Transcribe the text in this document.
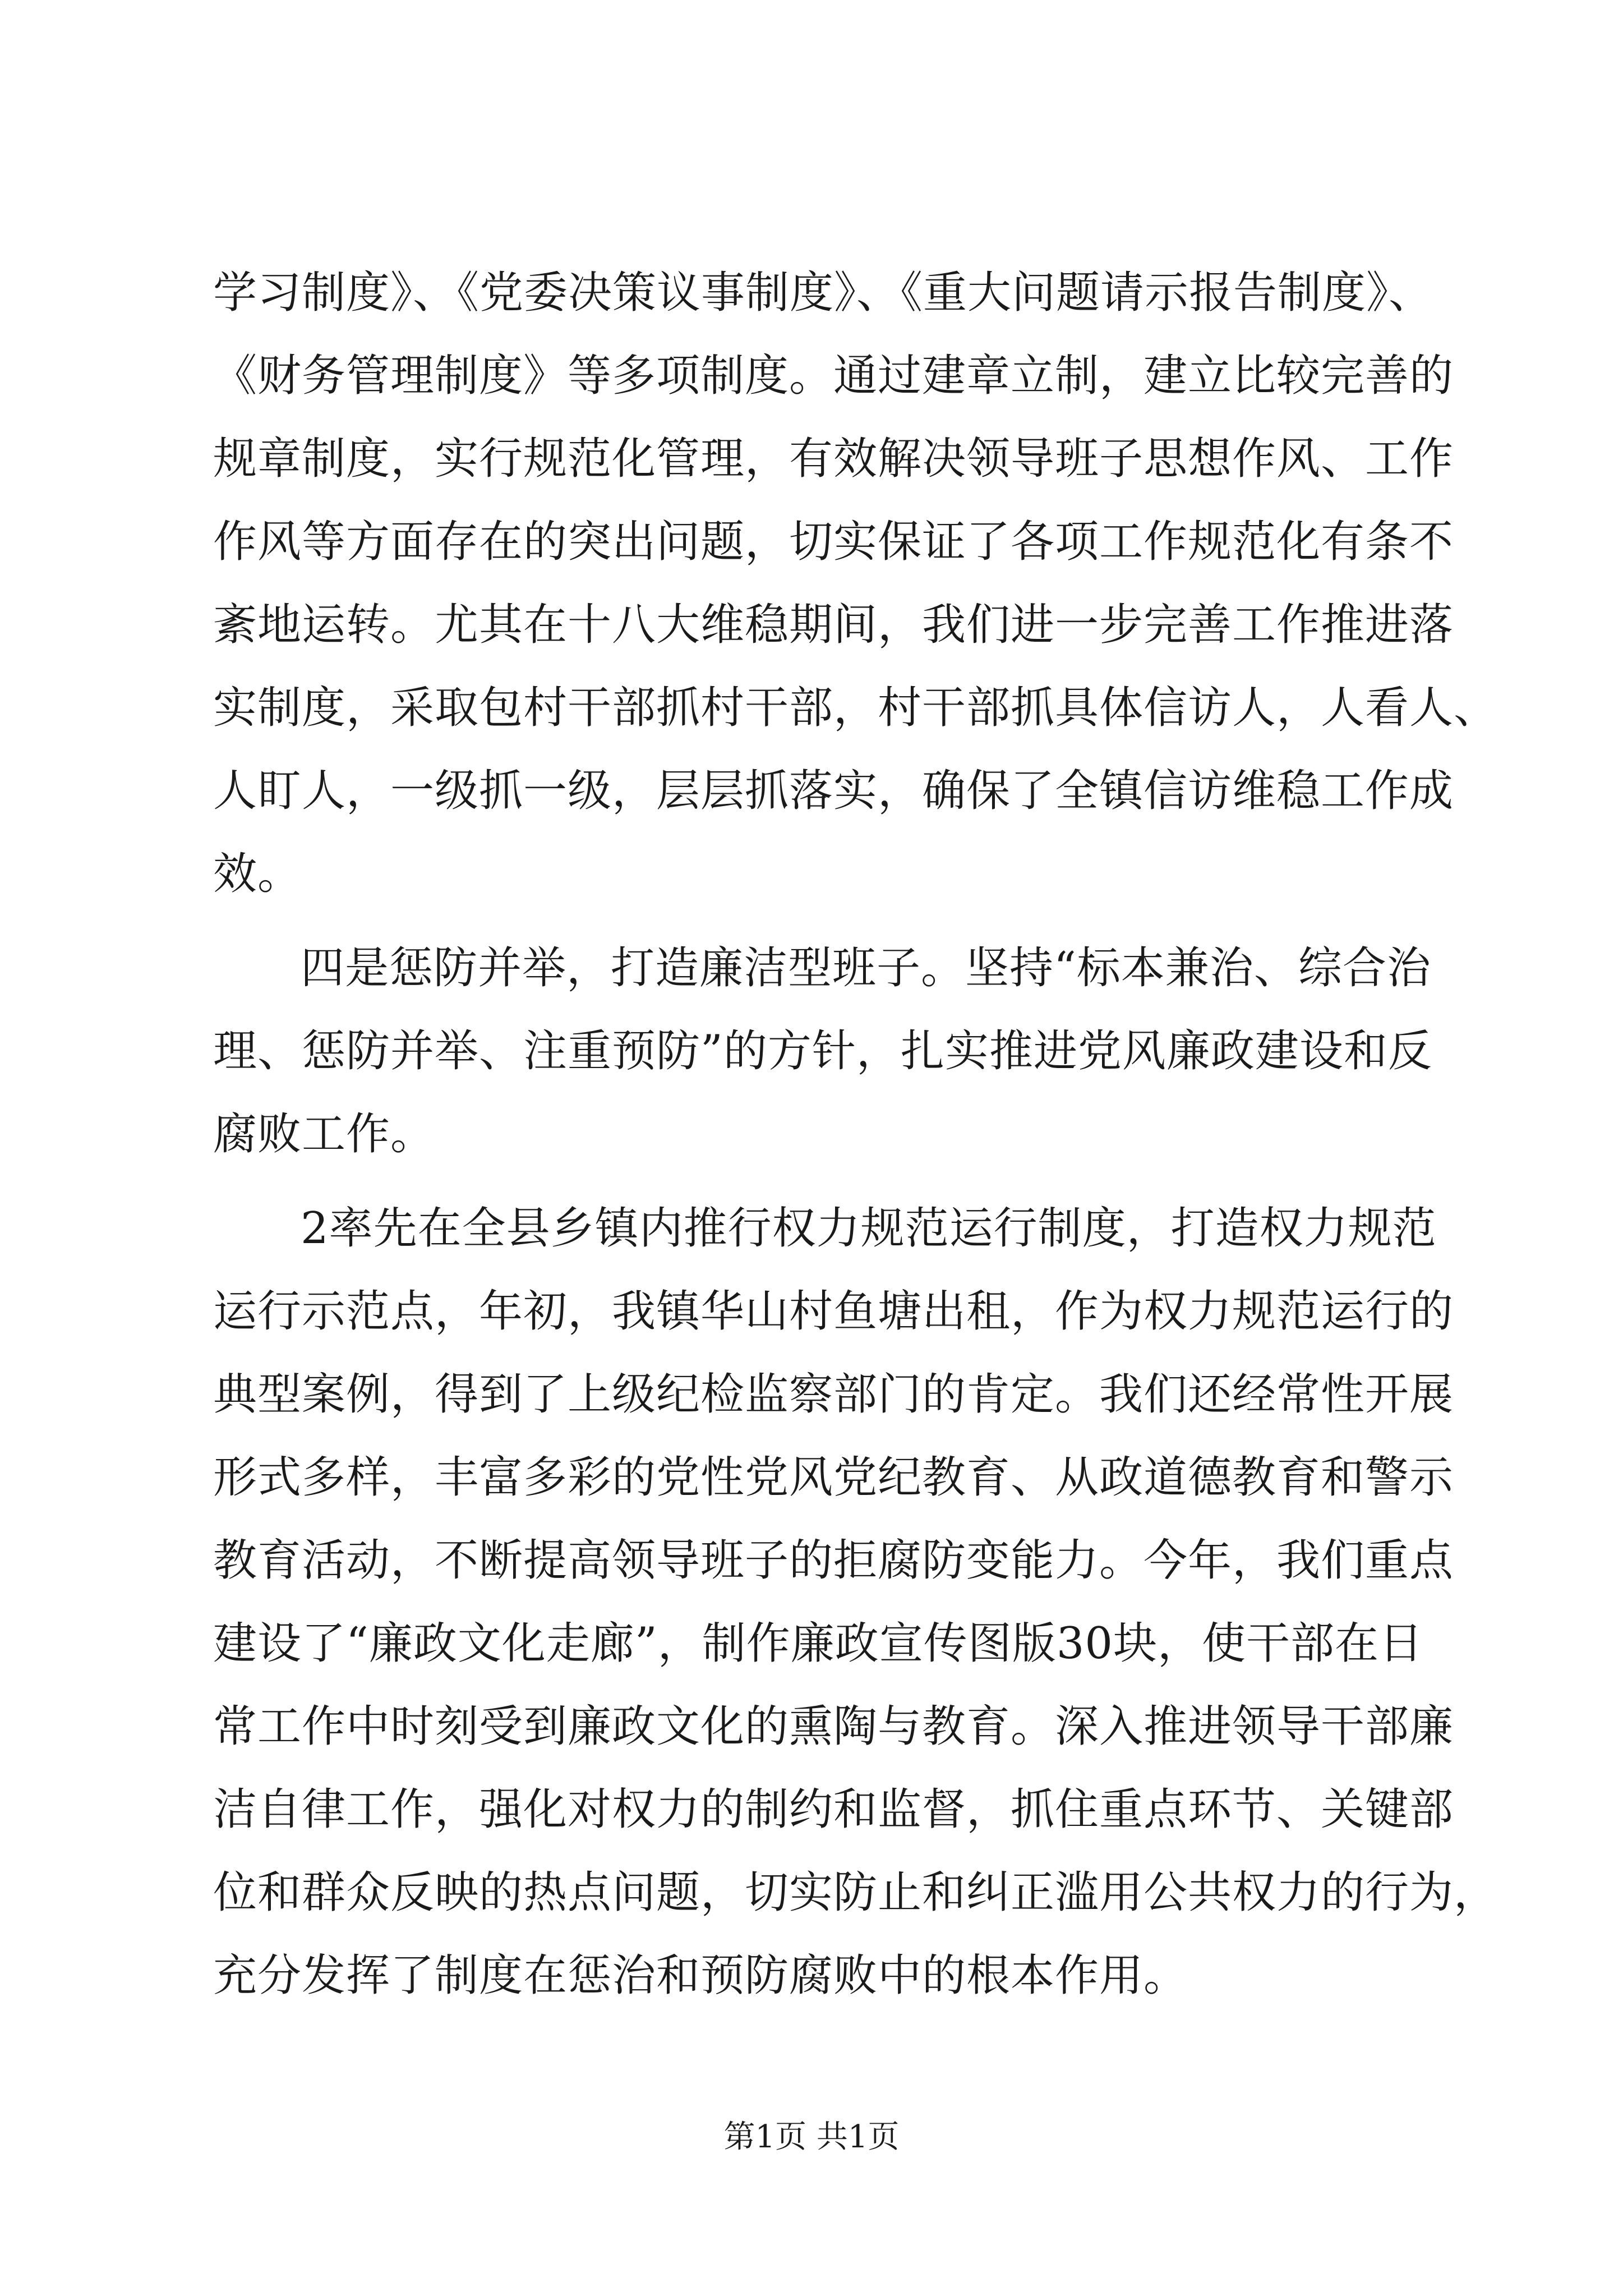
学习制度》、《党委决策议事制度》、《重大问题请示报告制度》、
《财务管理制度》等多项制度。通过建章立制，建立比较完善的
规章制度，实行规范化管理，有效解决领导班子思想作风、工作
作风等方面存在的突出问题，切实保证了各项工作规范化有条不
紊地运转。尤其在十八大维稳期间，我们进一步完善工作推进落
实制度，采取包村干部抓村干部，村干部抓具体信访人，人看人、
人盯人，一级抓一级，层层抓落实，确保了全镇信访维稳工作成
效。
四是惩防并举，打造廉洁型班子。坚持“标本兼治、综合治
理、惩防并举、注重预防”的方针，扎实推进党风廉政建设和反
腐败工作。
2率先在全县乡镇内推行权力规范运行制度，打造权力规范
运行示范点，年初，我镇华山村鱼塘出租，作为权力规范运行的
典型案例，得到了上级纪检监察部门的肯定。我们还经常性开展
形式多样，丰富多彩的党性党风党纪教育、从政道德教育和警示
教育活动，不断提高领导班子的拒腐防变能力。今年，我们重点
建设了“廉政文化走廊”，制作廉政宣传图版30块，使干部在日
常工作中时刻受到廉政文化的熏陶与教育。深入推进领导干部廉
洁自律工作，强化对权力的制约和监督，抓住重点环节、关键部
位和群众反映的热点问题，切实防止和纠正滥用公共权力的行为，
充分发挥了制度在惩治和预防腐败中的根本作用。
第1页 共1页
